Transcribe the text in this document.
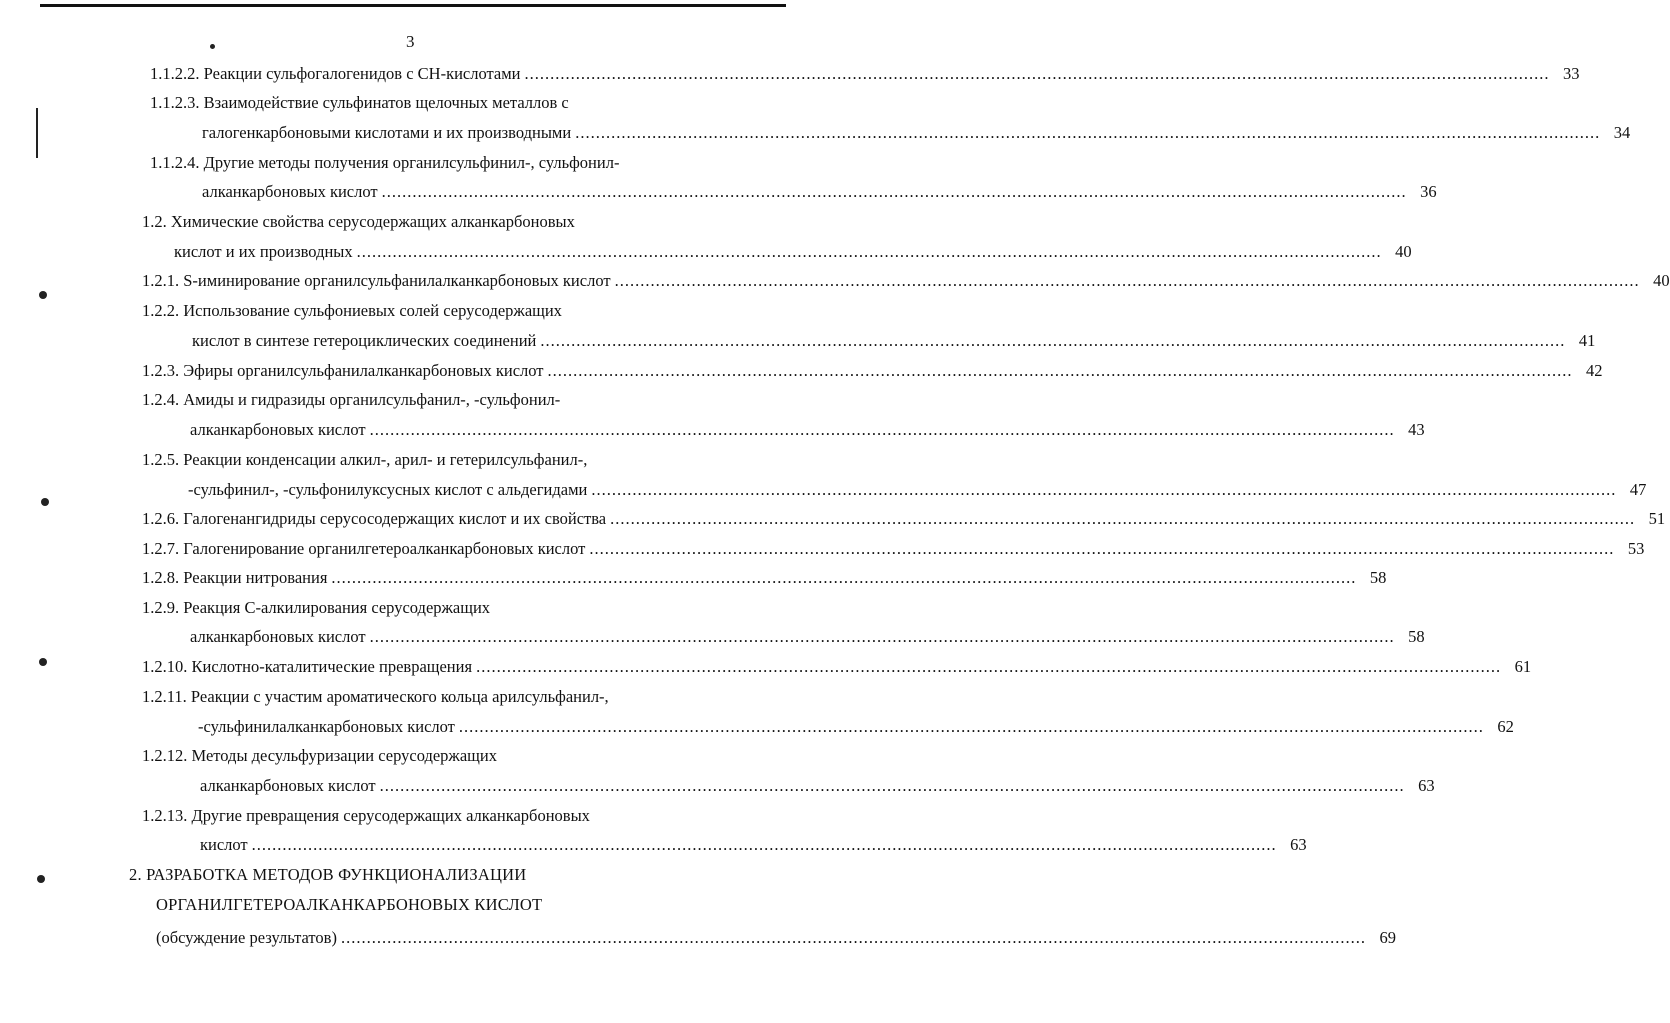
3
1.1.2.2. Реакции сульфогалогенидов с СН-кислотами ........................................................................................................................................................................................................ 33
1.1.2.3. Взаимодействие сульфинатов щелочных металлов с
галогенкарбоновыми кислотами и их производными ........................................................................................................................................................................................................ 34
1.1.2.4. Другие методы получения органилсульфинил-, сульфонил-
алканкарбоновых кислот ........................................................................................................................................................................................................ 36
1.2. Химические свойства серусодержащих алканкарбоновых
кислот и их производных ........................................................................................................................................................................................................ 40
1.2.1. S-иминирование органилсульфанилалканкарбоновых кислот ........................................................................................................................................................................................................ 40
1.2.2. Использование сульфониевых солей серусодержащих
кислот в синтезе гетероциклических соединений ........................................................................................................................................................................................................ 41
1.2.3. Эфиры органилсульфанилалканкарбоновых кислот ........................................................................................................................................................................................................ 42
1.2.4. Амиды и гидразиды органилсульфанил-, -сульфонил-
алканкарбоновых кислот ........................................................................................................................................................................................................ 43
1.2.5. Реакции конденсации алкил-, арил- и гетерилсульфанил-,
-сульфинил-, -сульфонилуксусных кислот с альдегидами ........................................................................................................................................................................................................ 47
1.2.6. Галогенангидриды серусосодержащих кислот и их свойства ........................................................................................................................................................................................................ 51
1.2.7. Галогенирование органилгетероалканкарбоновых кислот ........................................................................................................................................................................................................ 53
1.2.8. Реакции нитрования ........................................................................................................................................................................................................ 58
1.2.9. Реакция С-алкилирования серусодержащих
алканкарбоновых кислот ........................................................................................................................................................................................................ 58
1.2.10. Кислотно-каталитические превращения ........................................................................................................................................................................................................ 61
1.2.11. Реакции с участим ароматического кольца арилсульфанил-,
-сульфинилалканкарбоновых кислот ........................................................................................................................................................................................................ 62
1.2.12. Методы десульфуризации серусодержащих
алканкарбоновых кислот ........................................................................................................................................................................................................ 63
1.2.13. Другие превращения серусодержащих алканкарбоновых
кислот ........................................................................................................................................................................................................ 63
2. РАЗРАБОТКА МЕТОДОВ ФУНКЦИОНАЛИЗАЦИИ
ОРГАНИЛГЕТЕРОАЛКАНКАРБОНОВЫХ КИСЛОТ
(обсуждение результатов) ........................................................................................................................................................................................................ 69
